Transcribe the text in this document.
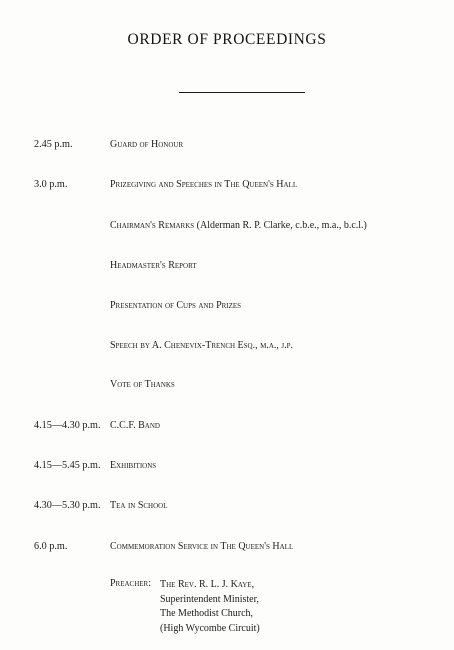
ORDER OF PROCEEDINGS
2.45 p.m.	Guard of Honour
3.0 p.m.	Prizegiving and Speeches in The Queen's Hall
Chairman's Remarks (Alderman R. P. Clarke, c.b.e., m.a., b.c.l.)
Headmaster's Report
Presentation of Cups and Prizes
Speech by A. Chenevix-Trench Esq., m.a., j.p.
Vote of Thanks
4.15—4.30 p.m. C.C.F. Band
4.15—5.45 p.m. Exhibitions
4.30—5.30 p.m. Tea in School
6.0 p.m.	Commemoration Service in The Queen's Hall
Preacher: The Rev. R. L. J. Kaye,
Superintendent Minister,
The Methodist Church,
(High Wycombe Circuit)
